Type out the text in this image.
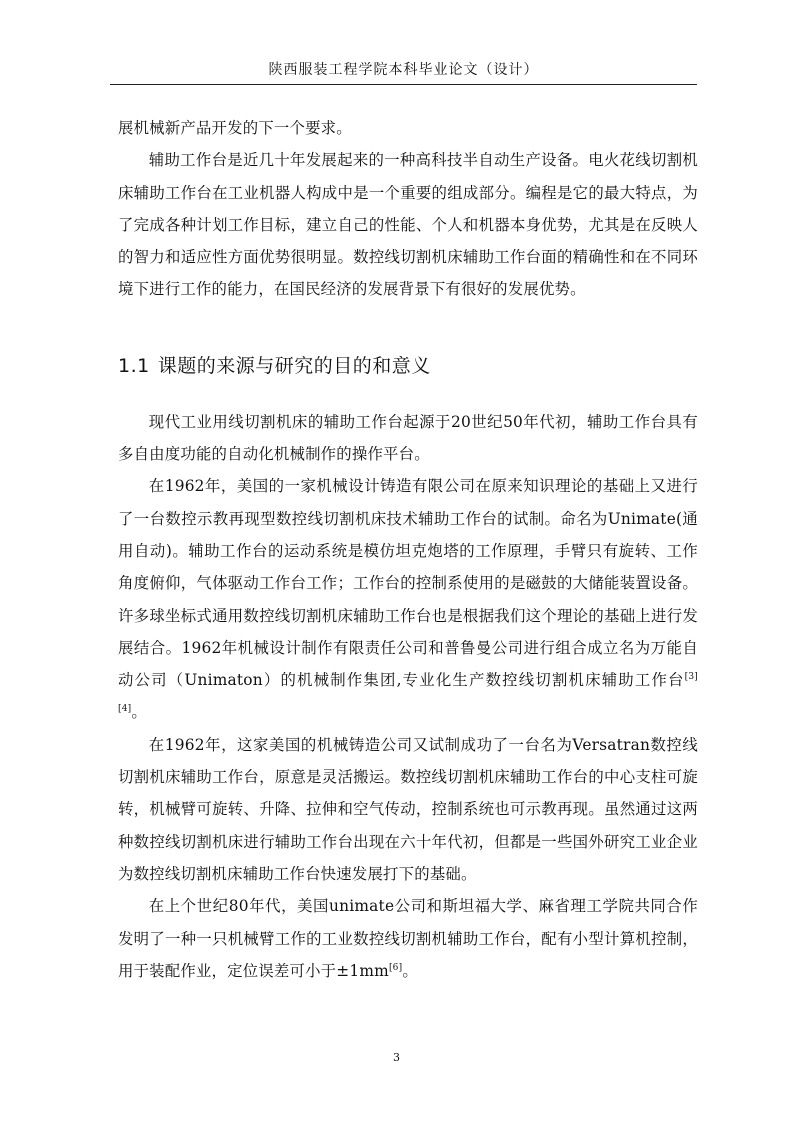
陕西服装工程学院本科毕业论文（设计）

展机械新产品开发的下一个要求。

辅助工作台是近几十年发展起来的一种高科技半自动生产设备。电火花线切割机床辅助工作台在工业机器人构成中是一个重要的组成部分。编程是它的最大特点，为了完成各种计划工作目标，建立自己的性能、个人和机器本身优势，尤其是在反映人的智力和适应性方面优势很明显。数控线切割机床辅助工作台面的精确性和在不同环境下进行工作的能力，在国民经济的发展背景下有很好的发展优势。

1.1 课题的来源与研究的目的和意义

现代工业用线切割机床的辅助工作台起源于20世纪50年代初，辅助工作台具有多自由度功能的自动化机械制作的操作平台。

在1962年，美国的一家机械设计铸造有限公司在原来知识理论的基础上又进行了一台数控示教再现型数控线切割机床技术辅助工作台的试制。命名为Unimate(通用自动)。辅助工作台的运动系统是模仿坦克炮塔的工作原理，手臂只有旋转、工作角度俯仰，气体驱动工作台工作；工作台的控制系使用的是磁鼓的大储能装置设备。许多球坐标式通用数控线切割机床辅助工作台也是根据我们这个理论的基础上进行发展结合。1962年机械设计制作有限责任公司和普鲁曼公司进行组合成立名为万能自动公司（Unimaton）的机械制作集团,专业化生产数控线切割机床辅助工作台[3] [4]。

在1962年，这家美国的机械铸造公司又试制成功了一台名为Versatran数控线切割机床辅助工作台，原意是灵活搬运。数控线切割机床辅助工作台的中心支柱可旋转，机械臂可旋转、升降、拉伸和空气传动，控制系统也可示教再现。虽然通过这两种数控线切割机床进行辅助工作台出现在六十年代初，但都是一些国外研究工业企业为数控线切割机床辅助工作台快速发展打下的基础。

在上个世纪80年代，美国unimate公司和斯坦福大学、麻省理工学院共同合作发明了一种一只机械臂工作的工业数控线切割机辅助工作台，配有小型计算机控制，用于装配作业，定位误差可小于±1mm[6]。

3
